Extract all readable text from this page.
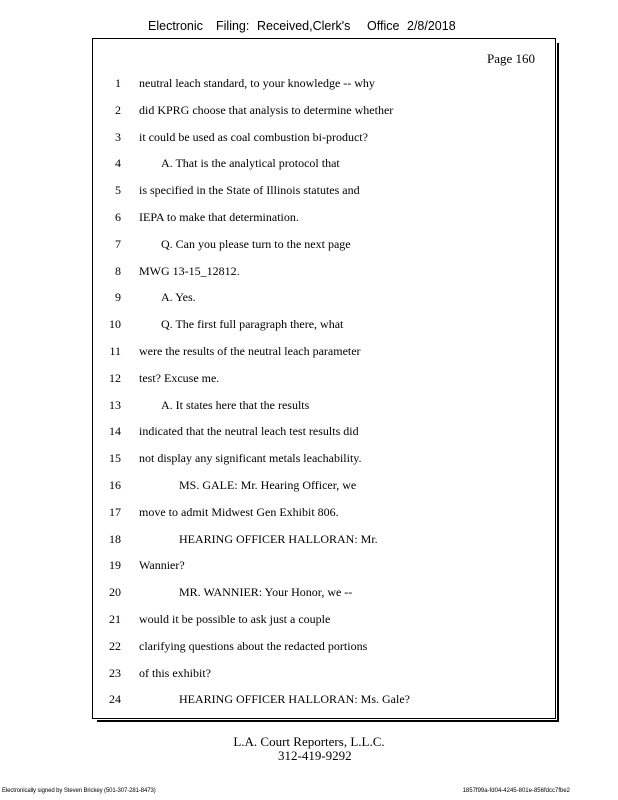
Electronic Filing: Received,Clerk's Office 2/8/2018
Page 160
1 neutral leach standard, to your knowledge -- why
2 did KPRG choose that analysis to determine whether
3 it could be used as coal combustion bi-product?
4	A. That is the analytical protocol that
5 is specified in the State of Illinois statutes and
6 IEPA to make that determination.
7	Q. Can you please turn to the next page
8 MWG 13-15_12812.
9	A. Yes.
10	Q. The first full paragraph there, what
11 were the results of the neutral leach parameter
12 test? Excuse me.
13	A. It states here that the results
14 indicated that the neutral leach test results did
15 not display any significant metals leachability.
16	MS. GALE: Mr. Hearing Officer, we
17 move to admit Midwest Gen Exhibit 806.
18	HEARING OFFICER HALLORAN: Mr.
19 Wannier?
20	MR. WANNIER: Your Honor, we --
21 would it be possible to ask just a couple
22 clarifying questions about the redacted portions
23 of this exhibit?
24	HEARING OFFICER HALLORAN: Ms. Gale?
L.A. Court Reporters, L.L.C.
312-419-9292
Electronically signed by Steven Brickey (501-307-281-8473)	1857f99a-fd04-4245-801e-856fdcc7fbe2
